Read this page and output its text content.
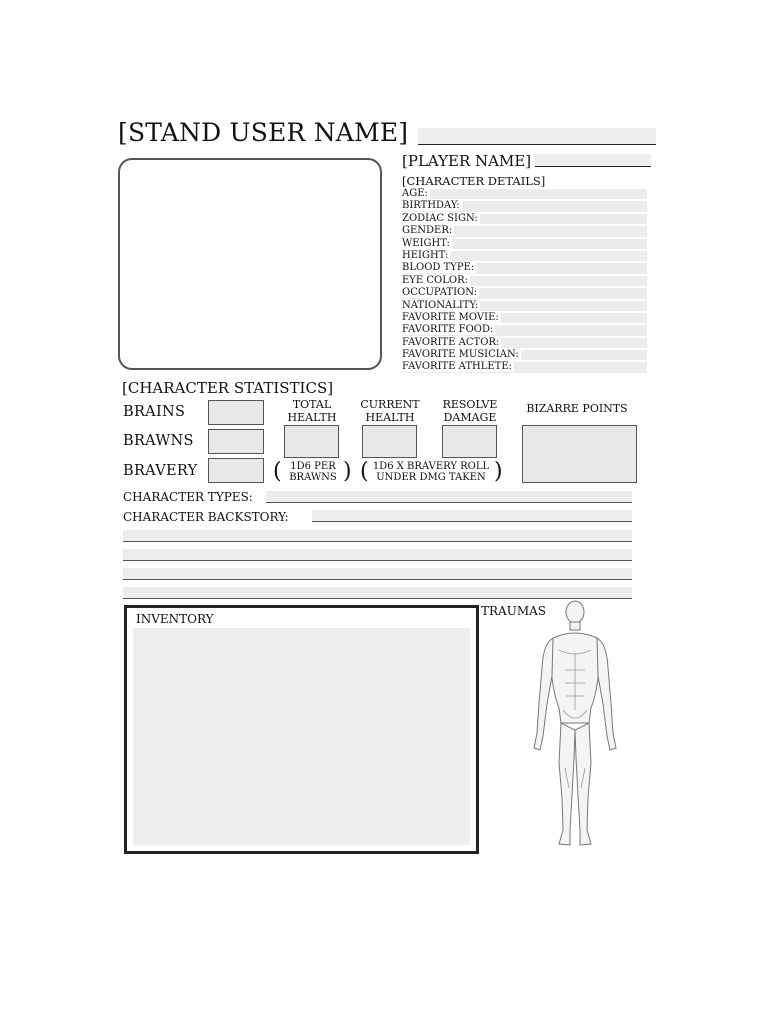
[STAND USER NAME]
[PLAYER NAME]
[CHARACTER DETAILS]
AGE:
BIRTHDAY:
ZODIAC SIGN:
GENDER:
WEIGHT:
HEIGHT:
BLOOD TYPE:
EYE COLOR:
OCCUPATION:
NATIONALITY:
FAVORITE MOVIE:
FAVORITE FOOD:
FAVORITE ACTOR:
FAVORITE MUSICIAN:
FAVORITE ATHLETE:
[CHARACTER STATISTICS]
BRAINS
BRAWNS
BRAVERY
TOTAL
HEALTH
CURRENT
HEALTH
RESOLVE
DAMAGE
BIZARRE POINTS
( 1D6 PER
BRAWNS ) ( 1D6 X BRAVERY ROLL
UNDER DMG TAKEN )
CHARACTER TYPES:
CHARACTER BACKSTORY:
INVENTORY
TRAUMAS
